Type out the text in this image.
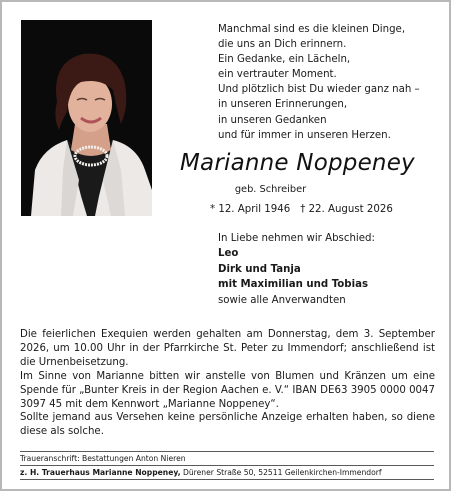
Manchmal sind es die kleinen Dinge,
die uns an Dich erinnern.
Ein Gedanke, ein Lächeln,
ein vertrauter Moment.
Und plötzlich bist Du wieder ganz nah –
in unseren Erinnerungen,
in unseren Gedanken
und für immer in unseren Herzen.
Marianne Noppeney
geb. Schreiber
* 12. April 1946 † 22. August 2026
In Liebe nehmen wir Abschied:
Leo
Dirk und Tanja
mit Maximilian und Tobias
sowie alle Anverwandten

Die feierlichen Exequien werden gehalten am Donnerstag, dem 3. September 2026, um 10.00 Uhr in der Pfarrkirche St. Peter zu Immendorf; anschließend ist die Urnenbeisetzung.

Im Sinne von Marianne bitten wir anstelle von Blumen und Kränzen um eine Spende für „Bunter Kreis in der Region Aachen e. V.“ IBAN DE63 3905 0000 0047 3097 45 mit dem Kennwort „Marianne Noppeney“.

Sollte jemand aus Versehen keine persönliche Anzeige erhalten haben, so diene diese als solche.

Traueranschrift: Bestattungen Anton Nieren
z. H. Trauerhaus Marianne Noppeney, Dürener Straße 50, 52511 Geilenkirchen-Immendorf
